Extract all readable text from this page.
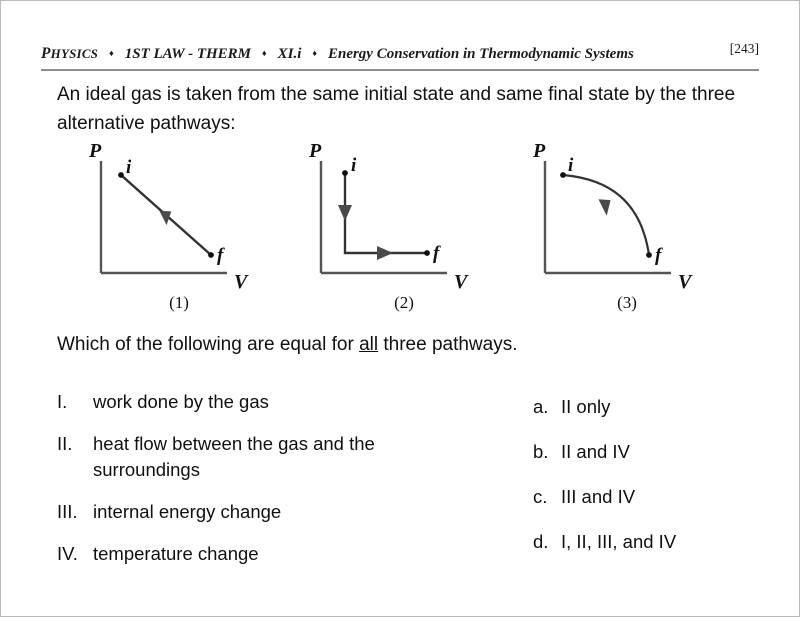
PHYSICS	♦ 1ST LAW - THERM	♦ XI.i	♦ Energy Conservation in Thermodynamic Systems	[243]
An ideal gas is taken from the same initial state and same final state by the three alternative pathways:
P
V
i
f
P
V
i
f
P
V
i
f
(1)	(2)	(3)
Which of the following are equal for all three pathways.
I.	work done by the gas
II.	heat flow between the gas and the surroundings
III. internal energy change
IV. temperature change
a. II only
b. II and IV
c. III and IV
d. I, II, III, and IV
